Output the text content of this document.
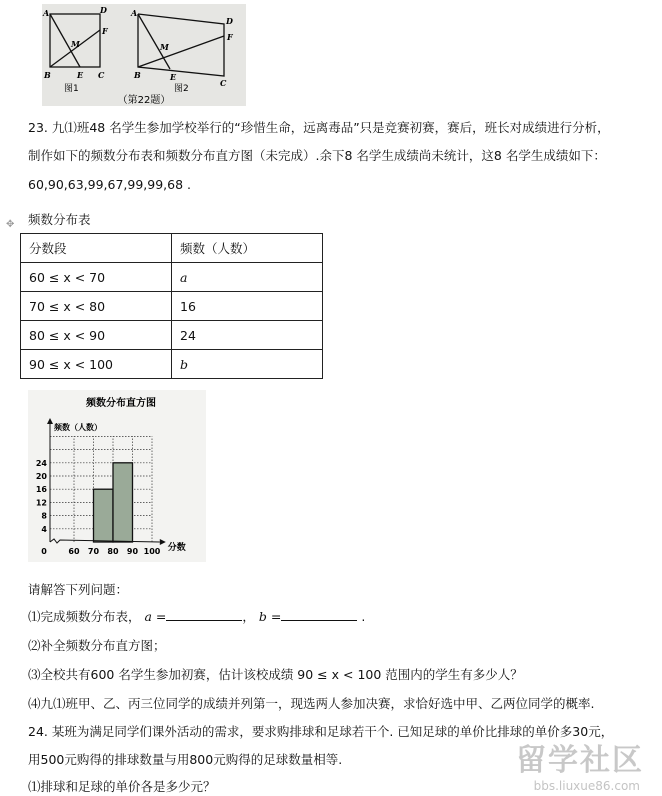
A	D
F
M
B	E C
A
D
F
M
B	E
C
图1	图2
（第22题）
23. 九⑴班48 名学生参加学校举行的“珍惜生命，远离毒品”只是竞赛初赛，赛后，班长对成绩进行分析，
制作如下的频数分布表和频数分布直方图（未完成）.余下8 名学生成绩尚未统计，这8 名学生成绩如下：
60,90,63,99,67,99,99,68 .
✥ 频数分布表
分数段	频数（人数）
60 ≤ x < 70	a
70 ≤ x < 80	16
80 ≤ x < 90	24
90 ≤ x < 100	b
频数分布直方图
频数（人数）
分数
4
8
12
16
20
24
0	60 70 80 90 100
请解答下列问题：
⑴完成频数分布表， a =	， b =	.
⑵补全频数分布直方图；
⑶全校共有600 名学生参加初赛，估计该校成绩 90 ≤ x < 100 范围内的学生有多少人？
⑷九⑴班甲、乙、丙三位同学的成绩并列第一，现选两人参加决赛，求恰好选中甲、乙两位同学的概率.
24. 某班为满足同学们课外活动的需求，要求购排球和足球若干个. 已知足球的单价比排球的单价多30元，
用500元购得的排球数量与用800元购得的足球数量相等.
⑴排球和足球的单价各是多少元？
留学社区
bbs.liuxue86.com
